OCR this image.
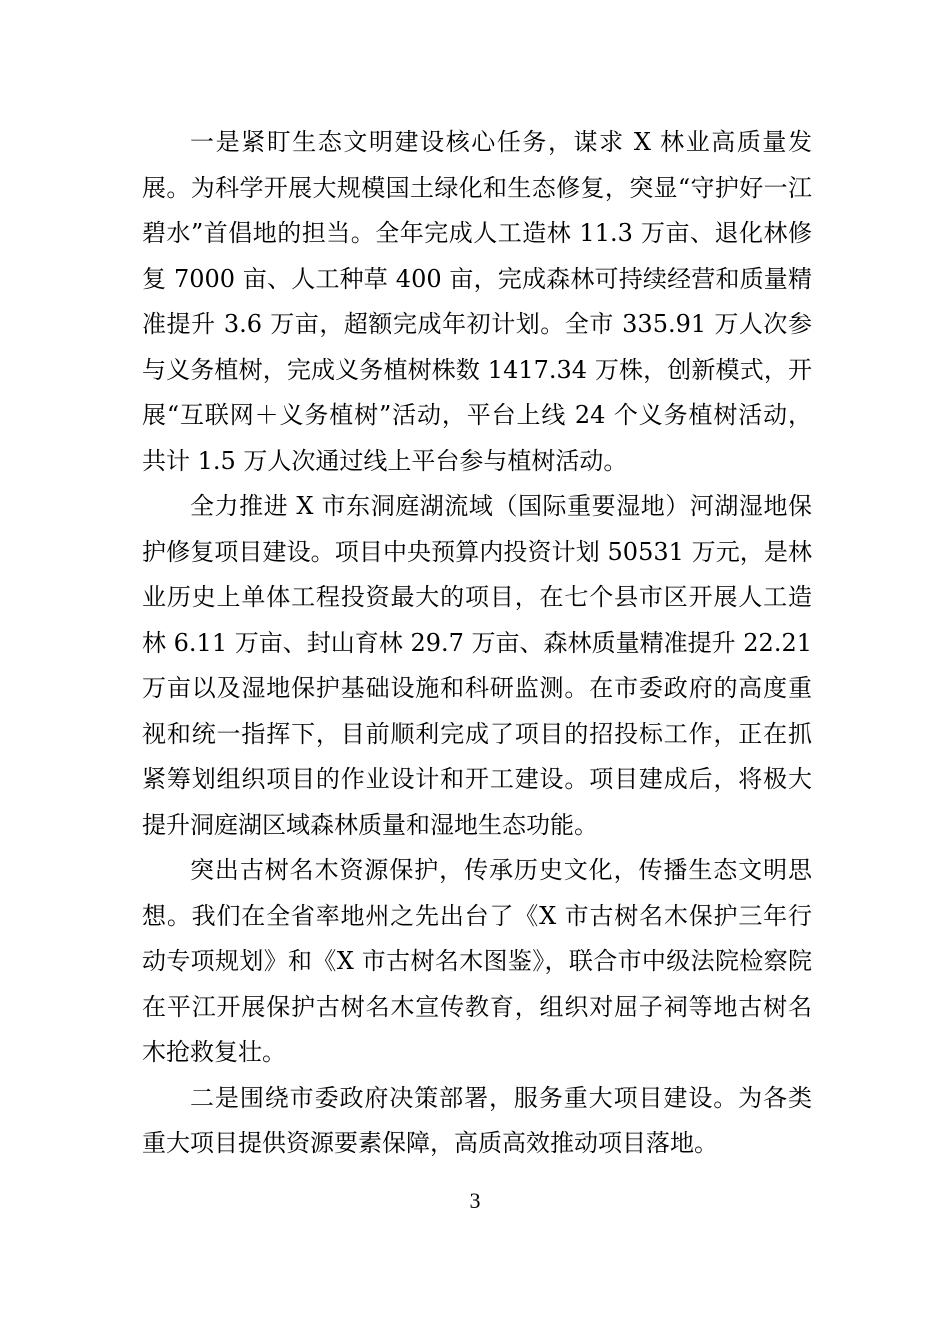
一是紧盯生态文明建设核心任务，谋求 X 林业高质量发展。为科学开展大规模国土绿化和生态修复，突显“守护好一江碧水”首倡地的担当。全年完成人工造林 11.3 万亩、退化林修复 7000 亩、人工种草 400 亩，完成森林可持续经营和质量精准提升 3.6 万亩，超额完成年初计划。全市 335.91 万人次参与义务植树，完成义务植树株数 1417.34 万株，创新模式，开展“互联网＋义务植树”活动，平台上线 24 个义务植树活动，共计 1.5 万人次通过线上平台参与植树活动。

全力推进 X 市东洞庭湖流域（国际重要湿地）河湖湿地保护修复项目建设。项目中央预算内投资计划 50531 万元，是林业历史上单体工程投资最大的项目，在七个县市区开展人工造林 6.11 万亩、封山育林 29.7 万亩、森林质量精准提升 22.21 万亩以及湿地保护基础设施和科研监测。在市委政府的高度重视和统一指挥下，目前顺利完成了项目的招投标工作，正在抓紧筹划组织项目的作业设计和开工建设。项目建成后，将极大提升洞庭湖区域森林质量和湿地生态功能。

突出古树名木资源保护，传承历史文化，传播生态文明思想。我们在全省率地州之先出台了《X 市古树名木保护三年行动专项规划》和《X 市古树名木图鉴》，联合市中级法院检察院在平江开展保护古树名木宣传教育，组织对屈子祠等地古树名木抢救复壮。

二是围绕市委政府决策部署，服务重大项目建设。为各类重大项目提供资源要素保障，高质高效推动项目落地。

3
